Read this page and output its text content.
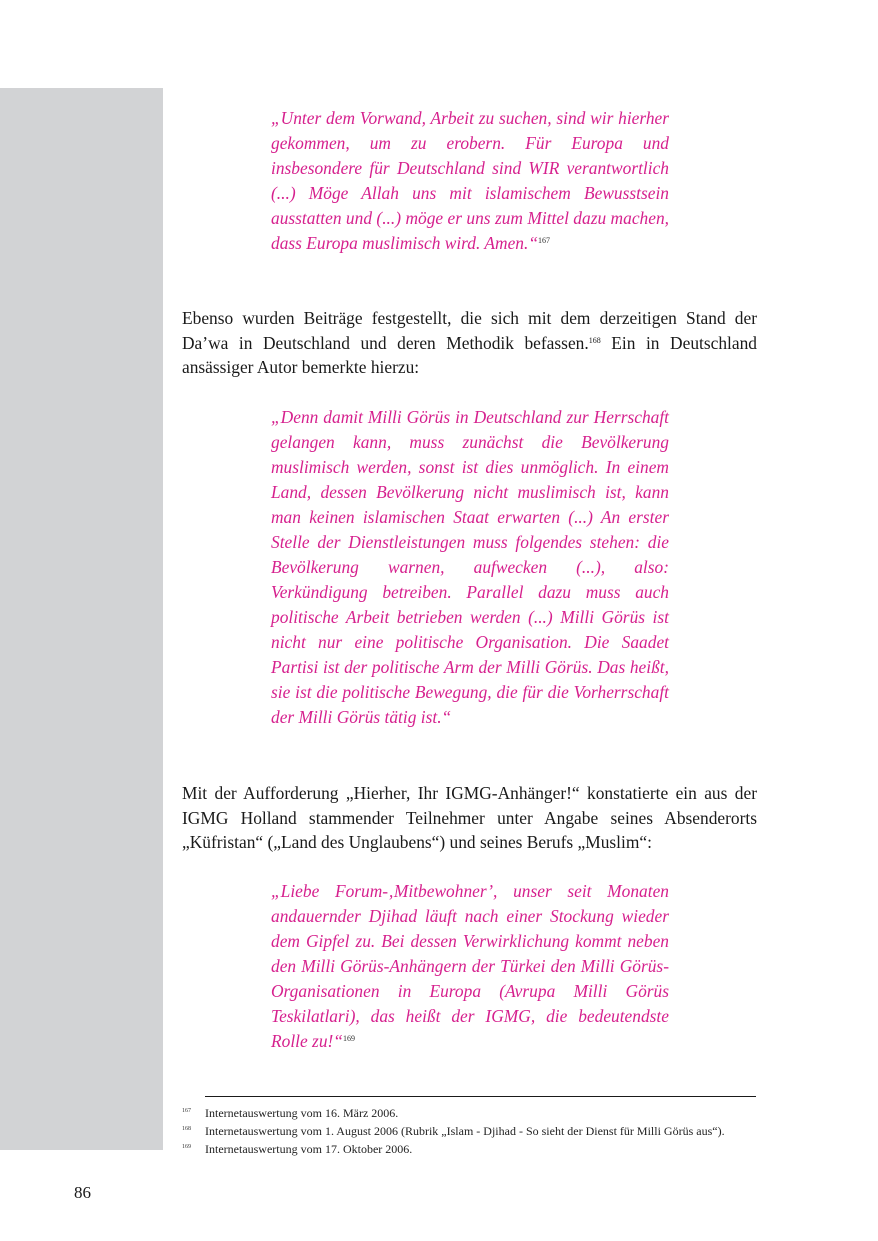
„Unter dem Vorwand, Arbeit zu suchen, sind wir hierher gekommen, um zu erobern. Für Europa und insbesondere für Deutschland sind WIR verantwortlich (...) Möge Allah uns mit islamischem Bewusstsein ausstatten und (...) möge er uns zum Mittel dazu machen, dass Europa muslimisch wird. Amen.“$^{167}$

Ebenso wurden Beiträge festgestellt, die sich mit dem derzeitigen Stand der Da’wa in Deutschland und deren Methodik befassen.$^{168}$ Ein in Deutschland ansässiger Autor bemerkte hierzu:

„Denn damit Milli Görüs in Deutschland zur Herrschaft gelangen kann, muss zunächst die Bevölkerung muslimisch werden, sonst ist dies unmöglich. In einem Land, dessen Bevölkerung nicht muslimisch ist, kann man keinen islamischen Staat erwarten (...) An erster Stelle der Dienstleistungen muss folgendes stehen: die Bevölkerung warnen, aufwecken (...), also: Verkündigung betreiben. Parallel dazu muss auch politische Arbeit betrieben werden (...) Milli Görüs ist nicht nur eine politische Organisation. Die Saadet Partisi ist der politische Arm der Milli Görüs. Das heißt, sie ist die politische Bewegung, die für die Vorherrschaft der Milli Görüs tätig ist.“

Mit der Aufforderung „Hierher, Ihr IGMG-Anhänger!“ konstatierte ein aus der IGMG Holland stammender Teilnehmer unter Angabe seines Absenderorts „Küfristan“ („Land des Unglaubens“) und seines Berufs „Muslim“:

„Liebe Forum-‚Mitbewohner’, unser seit Monaten andauernder Djihad läuft nach einer Stockung wieder dem Gipfel zu. Bei dessen Verwirklichung kommt neben den Milli Görüs-Anhängern der Türkei den Milli Görüs-Organisationen in Europa (Avrupa Milli Görüs Teskilatlari), das heißt der IGMG, die bedeutendste Rolle zu!“$^{169}$

167	Internetauswertung vom 16. März 2006.
168	Internetauswertung vom 1. August 2006 (Rubrik „Islam - Djihad - So sieht der Dienst für Milli Görüs aus“).
169	Internetauswertung vom 17. Oktober 2006.
86
